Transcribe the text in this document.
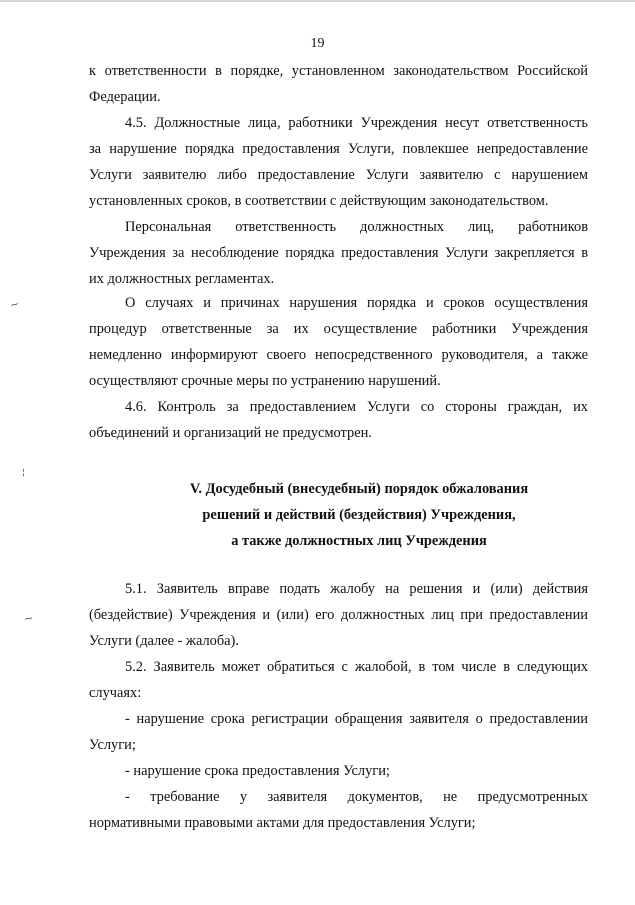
19
к ответственности в порядке, установленном законодательством Российской
Федерации.
4.5. Должностные лица, работники Учреждения несут ответственность
за нарушение порядка предоставления Услуги, повлекшее непредоставление
Услуги заявителю либо предоставление Услуги заявителю с нарушением
установленных сроков, в соответствии с действующим законодательством.
Персональная ответственность должностных лиц, работников
Учреждения за несоблюдение порядка предоставления Услуги закрепляется в
их должностных регламентах.
О случаях и причинах нарушения порядка и сроков осуществления
процедур ответственные за их осуществление работники Учреждения
немедленно информируют своего непосредственного руководителя, а также
осуществляют срочные меры по устранению нарушений.
4.6. Контроль за предоставлением Услуги со стороны граждан, их
объединений и организаций не предусмотрен.
V. Досудебный (внесудебный) порядок обжалования
решений и действий (бездействия) Учреждения,
а также должностных лиц Учреждения
5.1. Заявитель вправе подать жалобу на решения и (или) действия
(бездействие) Учреждения и (или) его должностных лиц при предоставлении
Услуги (далее - жалоба).
5.2. Заявитель может обратиться с жалобой, в том числе в следующих
случаях:
- нарушение срока регистрации обращения заявителя о предоставлении
Услуги;
- нарушение срока предоставления Услуги;
- требование у заявителя документов, не предусмотренных
нормативными правовыми актами для предоставления Услуги;
~
¦
~
